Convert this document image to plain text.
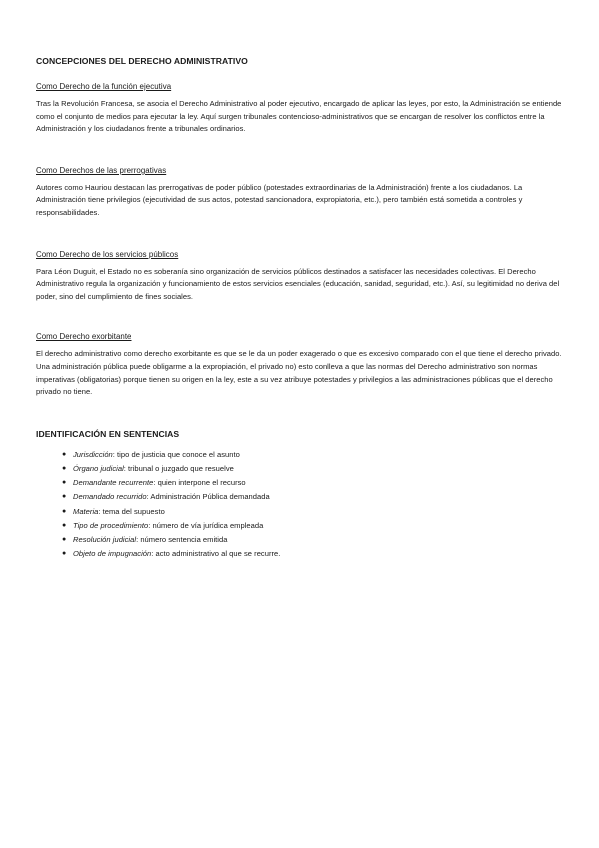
CONCEPCIONES DEL DERECHO ADMINISTRATIVO
Como Derecho de la función ejecutiva

Tras la Revolución Francesa, se asocia el Derecho Administrativo al poder ejecutivo, encargado de aplicar las leyes, por esto, la Administración se entiende como el conjunto de medios para ejecutar la ley. Aquí surgen tribunales contencioso-administrativos que se encargan de resolver los conflictos entre la Administración y los ciudadanos frente a tribunales ordinarios.

Como Derechos de las prerrogativas

Autores como Hauriou destacan las prerrogativas de poder público (potestades extraordinarias de la Administración) frente a los ciudadanos. La Administración tiene privilegios (ejecutividad de sus actos, potestad sancionadora, expropiatoria, etc.), pero también está sometida a controles y responsabilidades.

Como Derecho de los servicios públicos

Para Léon Duguit, el Estado no es soberanía sino organización de servicios públicos destinados a satisfacer las necesidades colectivas. El Derecho Administrativo regula la organización y funcionamiento de estos servicios esenciales (educación, sanidad, seguridad, etc.). Así, su legitimidad no deriva del poder, sino del cumplimiento de fines sociales.

Como Derecho exorbitante

El derecho administrativo como derecho exorbitante es que se le da un poder exagerado o que es excesivo comparado con el que tiene el derecho privado. Una administración pública puede obligarme a la expropiación, el privado no) esto conlleva a que las normas del Derecho administrativo son normas imperativas (obligatorias) porque tienen su origen en la ley, este a su vez atribuye potestades y privilegios a las administraciones públicas que el derecho privado no tiene.

IDENTIFICACIÓN EN SENTENCIAS
● Jurisdicción: tipo de justicia que conoce el asunto
● Órgano judicial: tribunal o juzgado que resuelve
● Demandante recurrente: quien interpone el recurso
● Demandado recurrido: Administración Pública demandada
● Materia: tema del supuesto
● Tipo de procedimiento: número de vía jurídica empleada
● Resolución judicial: número sentencia emitida
● Objeto de impugnación: acto administrativo al que se recurre.
